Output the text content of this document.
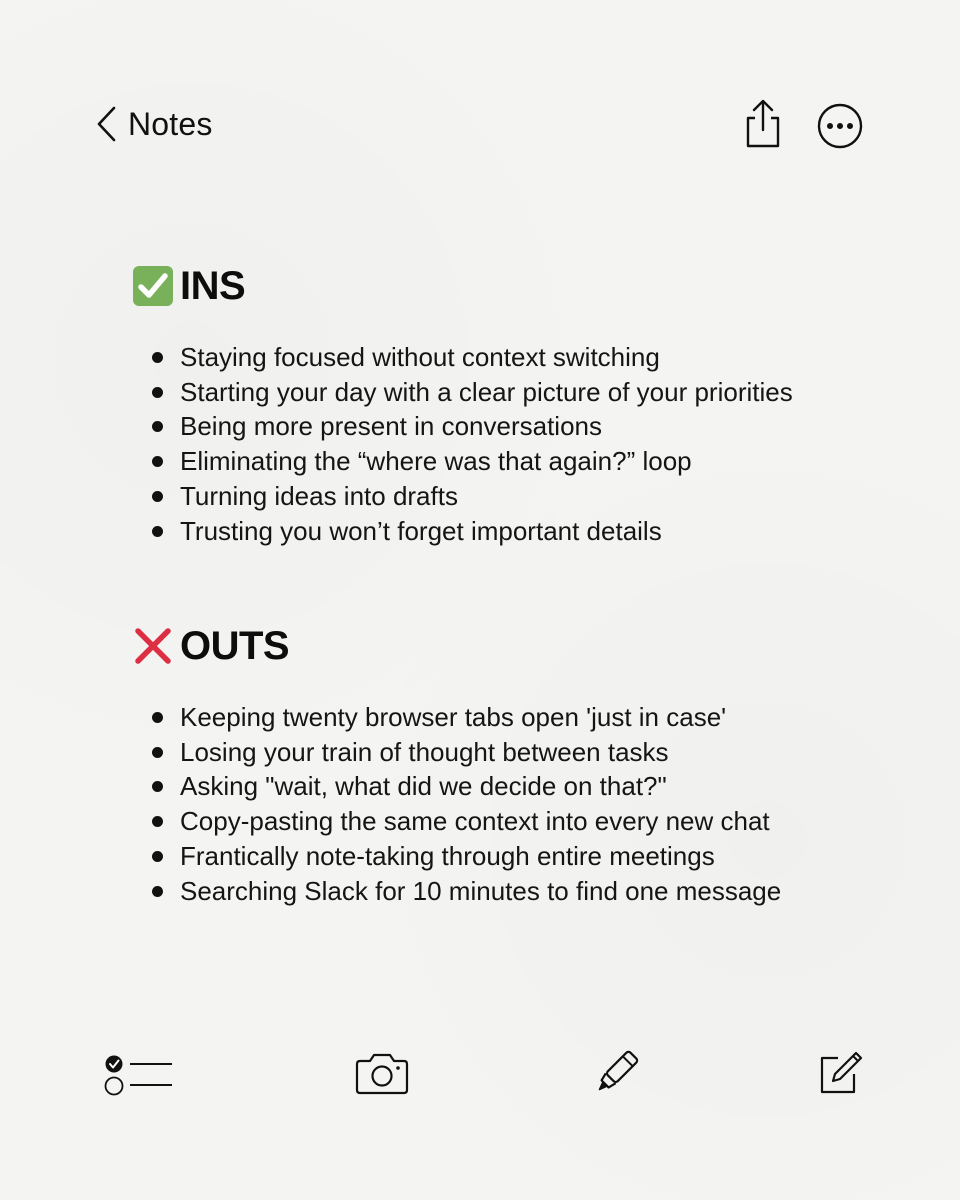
Notes
INS
Staying focused without context switching
Starting your day with a clear picture of your priorities
Being more present in conversations
Eliminating the “where was that again?” loop
Turning ideas into drafts
Trusting you won’t forget important details
OUTS
Keeping twenty browser tabs open 'just in case'
Losing your train of thought between tasks
Asking "wait, what did we decide on that?"
Copy-pasting the same context into every new chat
Frantically note-taking through entire meetings
Searching Slack for 10 minutes to find one message
